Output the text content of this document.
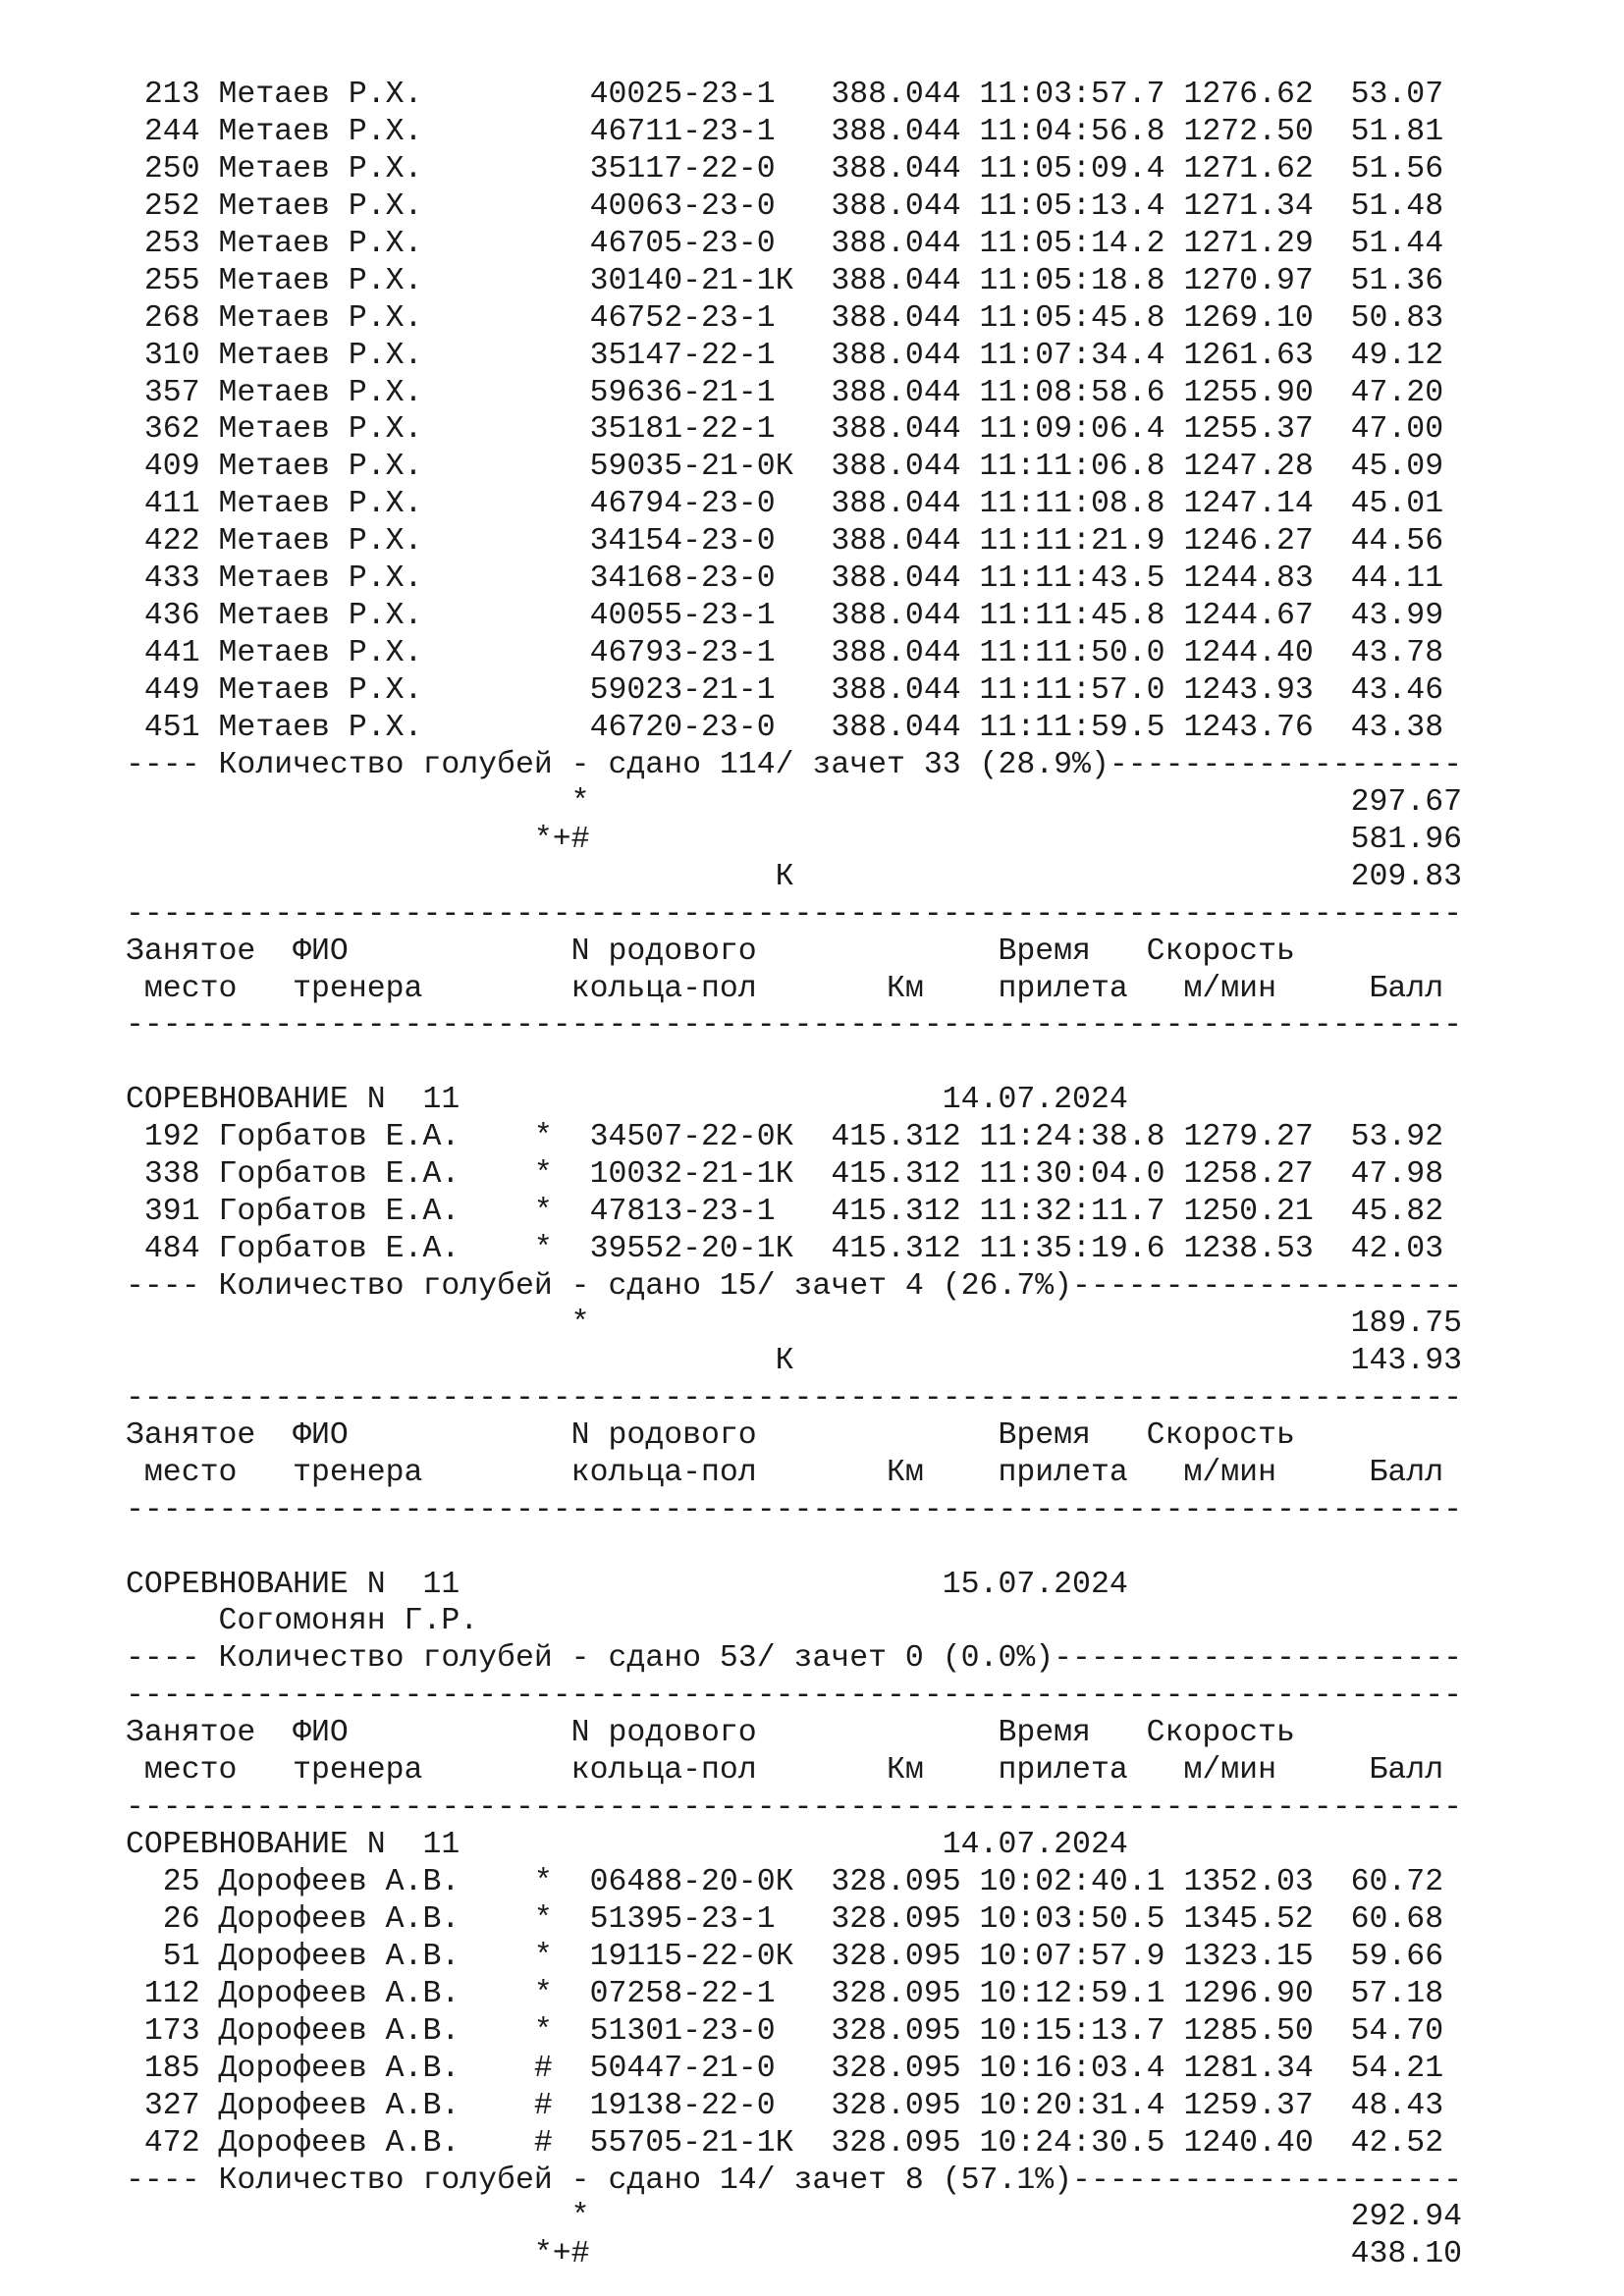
213 Метаев Р.Х.         40025-23-1   388.044 11:03:57.7 1276.62  53.07
244 Метаев Р.Х.         46711-23-1   388.044 11:04:56.8 1272.50  51.81
250 Метаев Р.Х.         35117-22-0   388.044 11:05:09.4 1271.62  51.56
252 Метаев Р.Х.         40063-23-0   388.044 11:05:13.4 1271.34  51.48
253 Метаев Р.Х.         46705-23-0   388.044 11:05:14.2 1271.29  51.44
255 Метаев Р.Х.         30140-21-1К  388.044 11:05:18.8 1270.97  51.36
268 Метаев Р.Х.         46752-23-1   388.044 11:05:45.8 1269.10  50.83
310 Метаев Р.Х.         35147-22-1   388.044 11:07:34.4 1261.63  49.12
357 Метаев Р.Х.         59636-21-1   388.044 11:08:58.6 1255.90  47.20
362 Метаев Р.Х.         35181-22-1   388.044 11:09:06.4 1255.37  47.00
409 Метаев Р.Х.         59035-21-0К  388.044 11:11:06.8 1247.28  45.09
411 Метаев Р.Х.         46794-23-0   388.044 11:11:08.8 1247.14  45.01
422 Метаев Р.Х.         34154-23-0   388.044 11:11:21.9 1246.27  44.56
433 Метаев Р.Х.         34168-23-0   388.044 11:11:43.5 1244.83  44.11
436 Метаев Р.Х.         40055-23-1   388.044 11:11:45.8 1244.67  43.99
441 Метаев Р.Х.         46793-23-1   388.044 11:11:50.0 1244.40  43.78
449 Метаев Р.Х.         59023-21-1   388.044 11:11:57.0 1243.93  43.46
451 Метаев Р.Х.         46720-23-0   388.044 11:11:59.5 1243.76  43.38
---- Количество голубей - сдано 114/ зачет 33 (28.9%)-------------------
*                                         297.67
*+#                                         581.96
К                              209.83
------------------------------------------------------------------------
Занятое  ФИО            N родового             Время   Скорость
место   тренера        кольца-пол       Км    прилета   м/мин     Балл
------------------------------------------------------------------------
СОРЕВНОВАНИЕ N  11                          14.07.2024
192 Горбатов Е.А.    *  34507-22-0К  415.312 11:24:38.8 1279.27  53.92
338 Горбатов Е.А.    *  10032-21-1К  415.312 11:30:04.0 1258.27  47.98
391 Горбатов Е.А.    *  47813-23-1   415.312 11:32:11.7 1250.21  45.82
484 Горбатов Е.А.    *  39552-20-1К  415.312 11:35:19.6 1238.53  42.03
---- Количество голубей - сдано 15/ зачет 4 (26.7%)---------------------
*                                         189.75
К                              143.93
------------------------------------------------------------------------
Занятое  ФИО            N родового             Время   Скорость
место   тренера        кольца-пол       Км    прилета   м/мин     Балл
------------------------------------------------------------------------
СОРЕВНОВАНИЕ N  11                          15.07.2024
Согомонян Г.Р.
---- Количество голубей - сдано 53/ зачет 0 (0.0%)----------------------
------------------------------------------------------------------------
Занятое  ФИО            N родового             Время   Скорость
место   тренера        кольца-пол       Км    прилета   м/мин     Балл
------------------------------------------------------------------------
СОРЕВНОВАНИЕ N  11                          14.07.2024
25 Дорофеев А.В.    *  06488-20-0К  328.095 10:02:40.1 1352.03  60.72
26 Дорофеев А.В.    *  51395-23-1   328.095 10:03:50.5 1345.52  60.68
51 Дорофеев А.В.    *  19115-22-0К  328.095 10:07:57.9 1323.15  59.66
112 Дорофеев А.В.    *  07258-22-1   328.095 10:12:59.1 1296.90  57.18
173 Дорофеев А.В.    *  51301-23-0   328.095 10:15:13.7 1285.50  54.70
185 Дорофеев А.В.    #  50447-21-0   328.095 10:16:03.4 1281.34  54.21
327 Дорофеев А.В.    #  19138-22-0   328.095 10:20:31.4 1259.37  48.43
472 Дорофеев А.В.    #  55705-21-1К  328.095 10:24:30.5 1240.40  42.52
---- Количество голубей - сдано 14/ зачет 8 (57.1%)---------------------
*                                         292.94
*+#                                         438.10
